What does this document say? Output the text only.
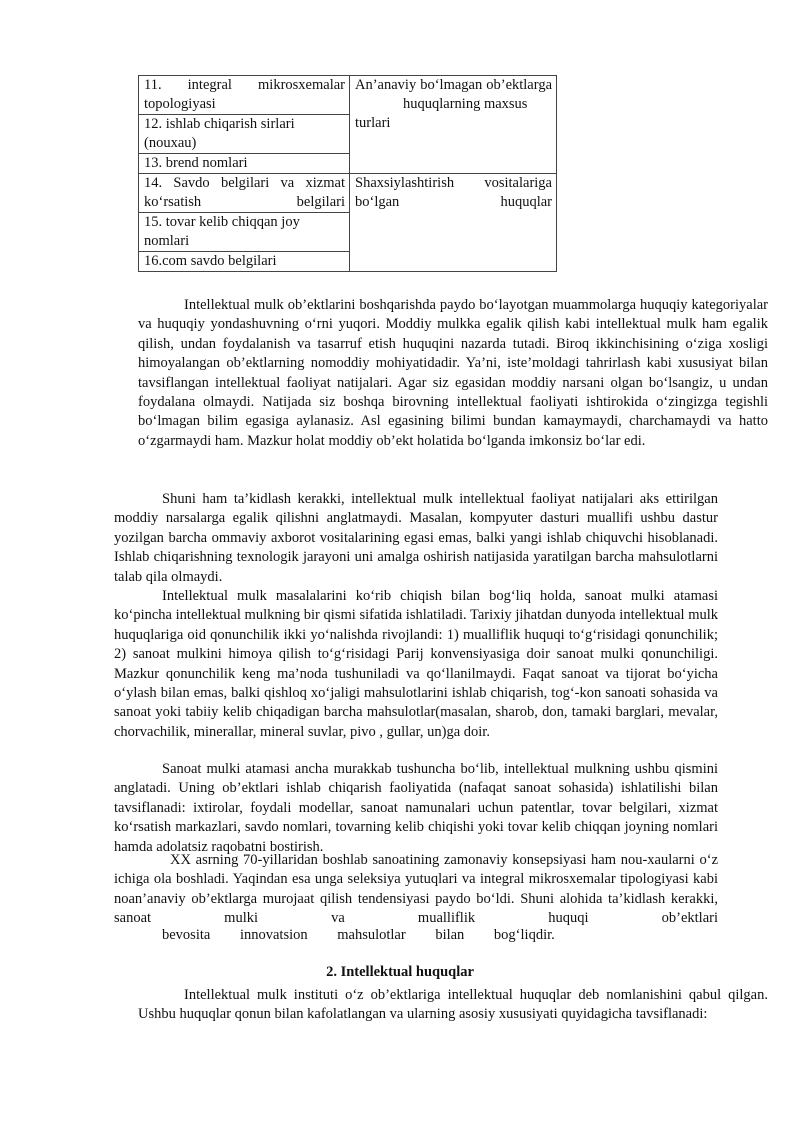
11. integral mikrosxemalar topologiyasi	An’anaviy bo‘lmagan ob’ektlarga
huquqlarning maxsus turlari

12. ishlab chiqarish sirlari (nouxau)	
13. brend nomlari	
14. Savdo belgilari va xizmat ko‘rsatish belgilari	Shaxsiylashtirish vositalariga bo‘lgan huquqlar
15. tovar kelib chiqqan joy nomlari	
16.com savdo belgilari	

Intellektual mulk ob’ektlarini boshqarishda paydo bo‘layotgan muammolarga huquqiy kategoriyalar va huquqiy yondashuvning o‘rni yuqori. Moddiy mulkka egalik qilish kabi intellektual mulk ham egalik qilish, undan foydalanish va tasarruf etish huquqini nazarda tutadi. Biroq ikkinchisining o‘ziga xosligi himoyalangan ob’ektlarning nomoddiy mohiyatidadir. Ya’ni, iste’moldagi tahrirlash kabi xususiyat bilan tavsiflangan intellektual faoliyat natijalari. Agar siz egasidan moddiy narsani olgan bo‘lsangiz, u undan foydalana olmaydi. Natijada siz boshqa birovning intellektual faoliyati ishtirokida o‘zingizga tegishli bo‘lmagan bilim egasiga aylanasiz. Asl egasining bilimi bundan kamaymaydi, charchamaydi va hatto o‘zgarmaydi ham. Mazkur holat moddiy ob’ekt holatida bo‘lganda imkonsiz bo‘lar edi.

Shuni ham ta’kidlash kerakki, intellektual mulk intellektual faoliyat natijalari aks ettirilgan moddiy narsalarga egalik qilishni anglatmaydi. Masalan, kompyuter dasturi muallifi ushbu dastur yozilgan barcha ommaviy axborot vositalarining egasi emas, balki yangi ishlab chiquvchi hisoblanadi. Ishlab chiqarishning texnologik jarayoni uni amalga oshirish natijasida yaratilgan barcha mahsulotlarni talab qila olmaydi.

Intellektual mulk masalalarini ko‘rib chiqish bilan bog‘liq holda, sanoat mulki atamasi ko‘pincha intellektual mulkning bir qismi sifatida ishlatiladi. Tarixiy jihatdan dunyoda intellektual mulk huquqlariga oid qonunchilik ikki yo‘nalishda rivojlandi: 1) mualliflik huquqi to‘g‘risidagi qonunchilik; 2) sanoat mulkini himoya qilish to‘g‘risidagi Parij konvensiyasiga doir sanoat mulki qonunchiligi. Mazkur qonunchilik keng ma’noda tushuniladi va qo‘llanilmaydi. Faqat sanoat va tijorat bo‘yicha o‘ylash bilan emas, balki qishloq xo‘jaligi mahsulotlarini ishlab chiqarish, tog‘-kon sanoati sohasida va sanoat yoki tabiiy kelib chiqadigan barcha mahsulotlar(masalan, sharob, don, tamaki barglari, mevalar, chorvachilik, minerallar, mineral suvlar, pivo , gullar, un)ga doir.

Sanoat mulki atamasi ancha murakkab tushuncha bo‘lib, intellektual mulkning ushbu qismini anglatadi. Uning ob’ektlari ishlab chiqarish faoliyatida (nafaqat sanoat sohasida) ishlatilishi bilan tavsiflanadi: ixtirolar, foydali modellar, sanoat namunalari uchun patentlar, tovar belgilari, xizmat ko‘rsatish markazlari, savdo nomlari, tovarning kelib chiqishi yoki tovar kelib chiqqan joyning nomlari hamda adolatsiz raqobatni bostirish.

XX asrning 70-yillaridan boshlab sanoatining zamonaviy konsepsiyasi ham nou-xaularni o‘z ichiga ola boshladi. Yaqindan esa unga seleksiya yutuqlari va integral mikrosxemalar tipologiyasi kabi noan’anaviy ob’ektlarga murojaat qilish tendensiyasi paydo bo‘ldi. Shuni alohida ta’kidlash kerakki, sanoat mulki va mualliflik huquqi ob’ektlari

bevosita innovatsion mahsulotlar bilan bog‘liqdir.

2. Intellektual huquqlar

Intellektual mulk instituti o‘z ob’ektlariga intellektual huquqlar deb nomlanishini qabul qilgan. Ushbu huquqlar qonun bilan kafolatlangan va ularning asosiy xususiyati quyidagicha tavsiflanadi:
